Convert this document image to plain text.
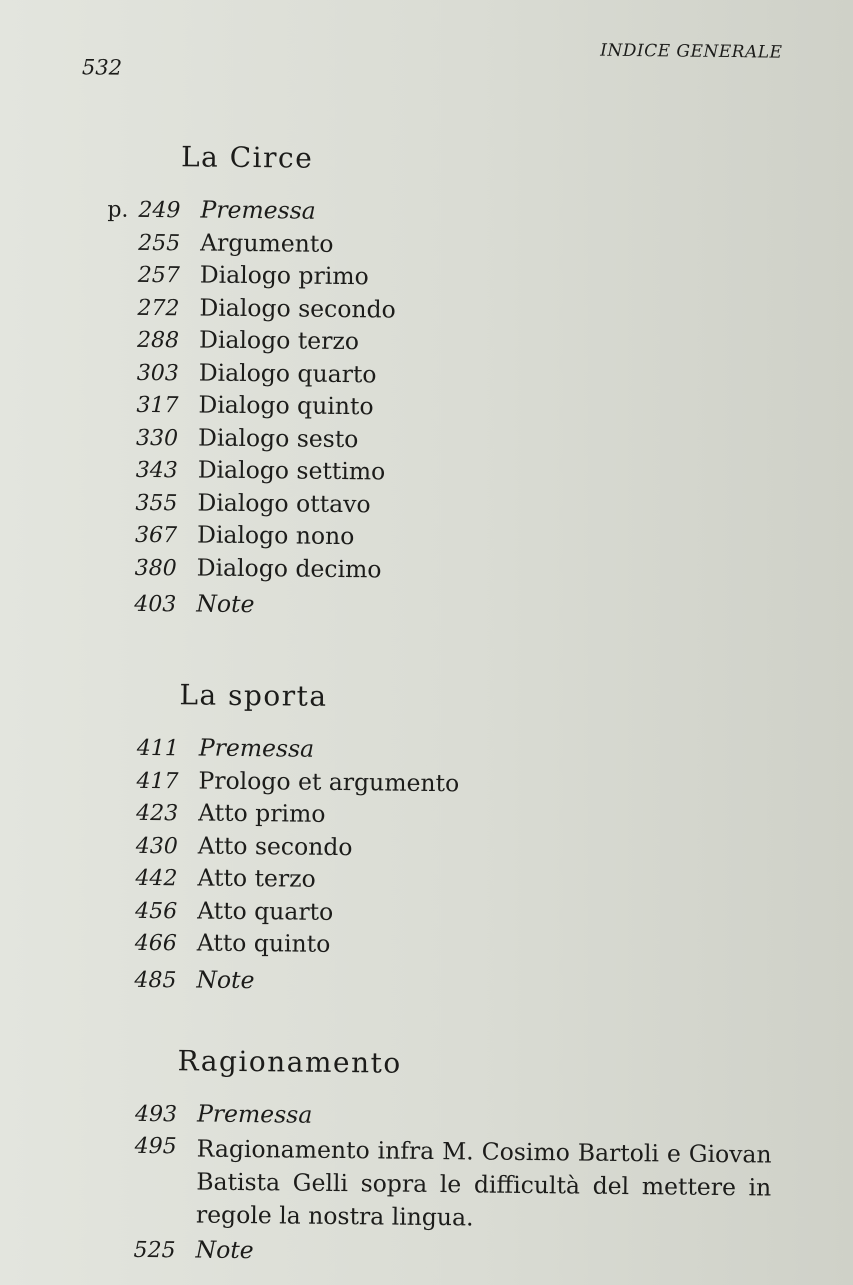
532
INDICE GENERALE
La Circe
p. 249 Premessa
255 Argumento
257 Dialogo primo
272 Dialogo secondo
288 Dialogo terzo
303 Dialogo quarto
317 Dialogo quinto
330 Dialogo sesto
343 Dialogo settimo
355 Dialogo ottavo
367 Dialogo nono
380 Dialogo decimo
403 Note
La sporta
411 Premessa
417 Prologo et argumento
423 Atto primo
430 Atto secondo
442 Atto terzo
456 Atto quarto
466 Atto quinto
485 Note
Ragionamento
493 Premessa
495 Ragionamento infra M. Cosimo Bartoli e Giovan Batista Gelli sopra le difficultà del mettere in regole la nostra lingua.
525 Note
